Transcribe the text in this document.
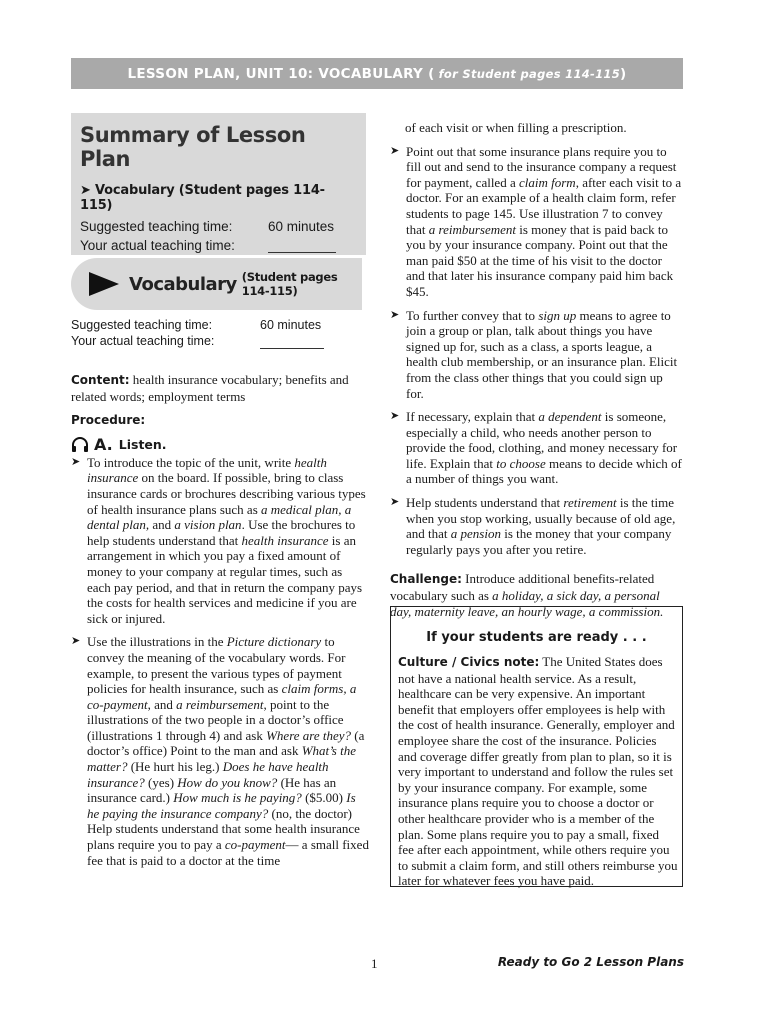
LESSON PLAN, UNIT 10: VOCABULARY ( for Student pages 114-115 )
Summary of Lesson Plan
➤ Vocabulary (Student pages 114-115)
Suggested teaching time:	60 minutes
Your actual teaching time:
Vocabulary (Student pages 114-115)
Suggested teaching time:	60 minutes
Your actual teaching time:
Content: health insurance vocabulary; benefits and related words; employment terms
Procedure:
A. Listen.
➤ To introduce the topic of the unit, write health insurance on the board. If possible, bring to class insurance cards or brochures describing various types of health insurance plans such as a medical plan, a dental plan, and a vision plan. Use the brochures to help students understand that health insurance is an arrangement in which you pay a fixed amount of money to your company at regular times, such as each pay period, and that in return the company pays the costs for health services and medicine if you are sick or injured.
➤ Use the illustrations in the Picture dictionary to convey the meaning of the vocabulary words. For example, to present the various types of payment policies for health insurance, such as claim forms, a co-payment, and a reimbursement, point to the illustrations of the two people in a doctor’s office (illustrations 1 through 4) and ask Where are they? (a doctor’s office) Point to the man and ask What’s the matter? (He hurt his leg.) Does he have health insurance? (yes) How do you know? (He has an insurance card.) How much is he paying? ($5.00) Is he paying the insurance company? (no, the doctor) Help students understand that some health insurance plans require you to pay a co-payment— a small fixed fee that is paid to a doctor at the time
of each visit or when filling a prescription.
➤ Point out that some insurance plans require you to fill out and send to the insurance company a request for payment, called a claim form, after each visit to a doctor. For an example of a health claim form, refer students to page 145. Use illustration 7 to convey that a reimbursement is money that is paid back to you by your insurance company. Point out that the man paid $50 at the time of his visit to the doctor and that later his insurance company paid him back $45.
➤ To further convey that to sign up means to agree to join a group or plan, talk about things you have signed up for, such as a class, a sports league, a health club membership, or an insurance plan. Elicit from the class other things that you could sign up for.
➤ If necessary, explain that a dependent is someone, especially a child, who needs another person to provide the food, clothing, and money necessary for life. Explain that to choose means to decide which of a number of things you want.
➤ Help students understand that retirement is the time when you stop working, usually because of old age, and that a pension is the money that your company regularly pays you after you retire.
Challenge: Introduce additional benefits-related vocabulary such as a holiday, a sick day, a personal day, maternity leave, an hourly wage, a commission.
If your students are ready . . .
Culture / Civics note: The United States does not have a national health service. As a result, healthcare can be very expensive. An important benefit that employers offer employees is help with the cost of health insurance. Generally, employer and employee share the cost of the insurance. Policies and coverage differ greatly from plan to plan, so it is very important to understand and follow the rules set by your insurance company. For example, some insurance plans require you to choose a doctor or other healthcare provider who is a member of the plan. Some plans require you to pay a small, fixed fee after each appointment, while others require you to submit a claim form, and still others reimburse you later for whatever fees you have paid.
1	Ready to Go 2 Lesson Plans
